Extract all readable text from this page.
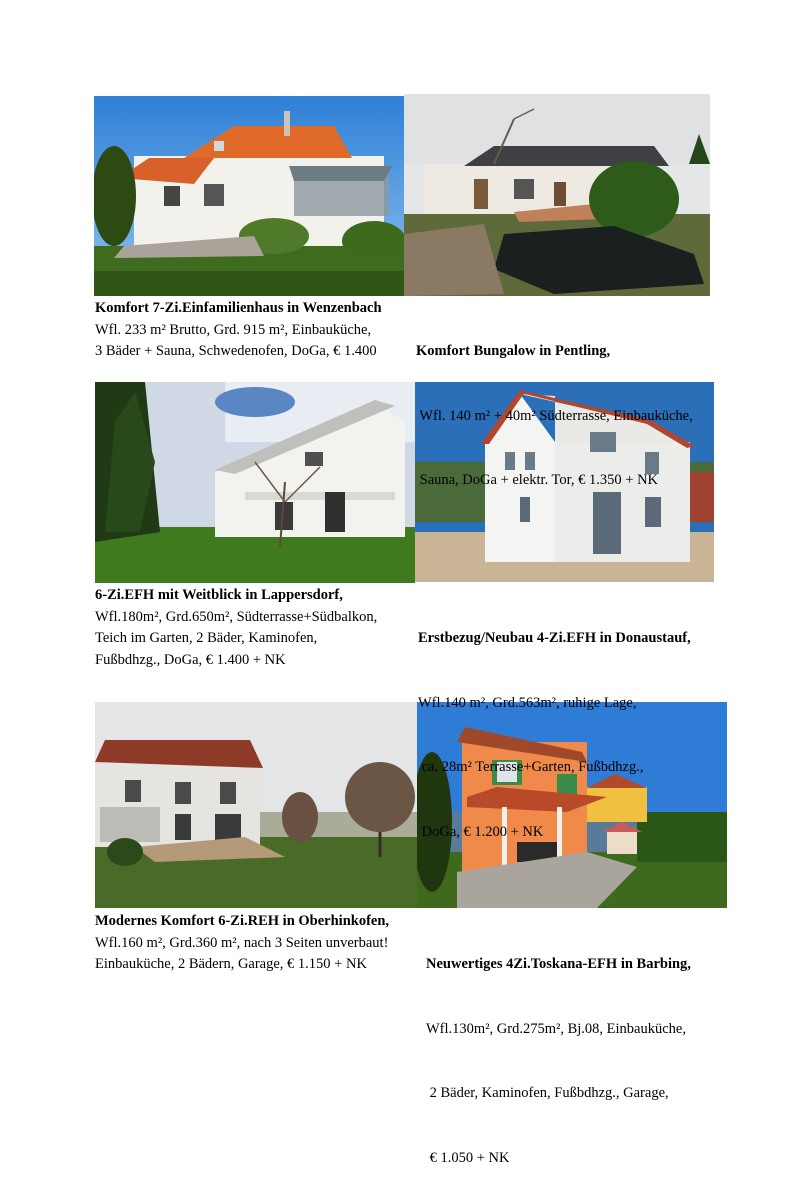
Komfort 7-Zi.Einfamilienhaus in Wenzenbach
Wfl. 233 m² Brutto, Grd. 915 m², Einbauküche,
3 Bäder + Sauna, Schwedenofen, DoGa, € 1.400

	Komfort Bungalow in Pentling,

Wfl. 140 m² + 40m² Südterrasse, Einbauküche,

Sauna, DoGa + elektr. Tor, € 1.350 + NK

6-Zi.EFH mit Weitblick in Lappersdorf,
Wfl.180m², Grd.650m², Südterrasse+Südbalkon,
Teich im Garten, 2 Bäder, Kaminofen,
Fußbdhzg., DoGa, € 1.400 + NK

Erstbezug/Neubau 4-Zi.EFH in Donaustauf,

Wfl.140 m², Grd.563m², ruhige Lage,

ca. 28m² Terrasse+Garten, Fußbdhzg.,

DoGa, € 1.200 + NK

Modernes Komfort 6-Zi.REH in Oberhinkofen,
Wfl.160 m², Grd.360 m², nach 3 Seiten unverbaut!
Einbauküche, 2 Bädern, Garage, € 1.150 + NK

	Neuwertiges 4Zi.Toskana-EFH in Barbing,

Wfl.130m², Grd.275m², Bj.08, Einbauküche,

2 Bäder, Kaminofen, Fußbdhzg., Garage,

€ 1.050 + NK
